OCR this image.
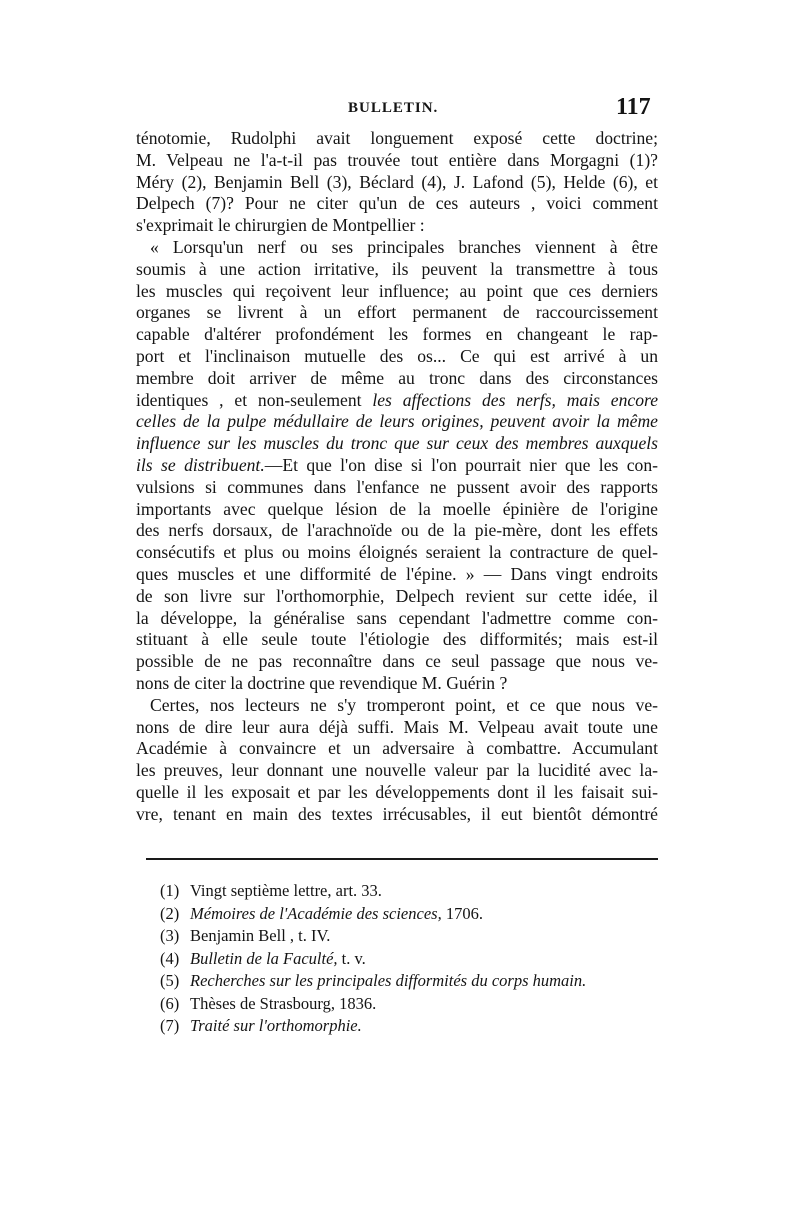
BULLETIN.	117
ténotomie, Rudolphi avait longuement exposé cette doctrine;
M. Velpeau ne l'a-t-il pas trouvée tout entière dans Morgagni (1)?
Méry (2), Benjamin Bell (3), Béclard (4), J. Lafond (5), Helde (6), et
Delpech (7)? Pour ne citer qu'un de ces auteurs , voici comment
s'exprimait le chirurgien de Montpellier :
« Lorsqu'un nerf ou ses principales branches viennent à être
soumis à une action irritative, ils peuvent la transmettre à tous
les muscles qui reçoivent leur influence; au point que ces derniers
organes se livrent à un effort permanent de raccourcissement
capable d'altérer profondément les formes en changeant le rap-
port et l'inclinaison mutuelle des os... Ce qui est arrivé à un
membre doit arriver de même au tronc dans des circonstances
identiques , et non-seulement les affections des nerfs, mais encore
celles de la pulpe médullaire de leurs origines, peuvent avoir la même
influence sur les muscles du tronc que sur ceux des membres auxquels
ils se distribuent.—Et que l'on dise si l'on pourrait nier que les con-
vulsions si communes dans l'enfance ne pussent avoir des rapports
importants avec quelque lésion de la moelle épinière de l'origine
des nerfs dorsaux, de l'arachnoïde ou de la pie-mère, dont les effets
consécutifs et plus ou moins éloignés seraient la contracture de quel-
ques muscles et une difformité de l'épine. » — Dans vingt endroits
de son livre sur l'orthomorphie, Delpech revient sur cette idée, il
la développe, la généralise sans cependant l'admettre comme con-
stituant à elle seule toute l'étiologie des difformités; mais est-il
possible de ne pas reconnaître dans ce seul passage que nous ve-
nons de citer la doctrine que revendique M. Guérin ?
Certes, nos lecteurs ne s'y tromperont point, et ce que nous ve-
nons de dire leur aura déjà suffi. Mais M. Velpeau avait toute une
Académie à convaincre et un adversaire à combattre. Accumulant
les preuves, leur donnant une nouvelle valeur par la lucidité avec la-
quelle il les exposait et par les développements dont il les faisait sui-
vre, tenant en main des textes irrécusables, il eut bientôt démontré
(1) Vingt septième lettre, art. 33.
(2) Mémoires de l'Académie des sciences, 1706.
(3) Benjamin Bell , t. IV.
(4) Bulletin de la Faculté, t. v.
(5) Recherches sur les principales difformités du corps humain.
(6) Thèses de Strasbourg, 1836.
(7) Traité sur l'orthomorphie.
